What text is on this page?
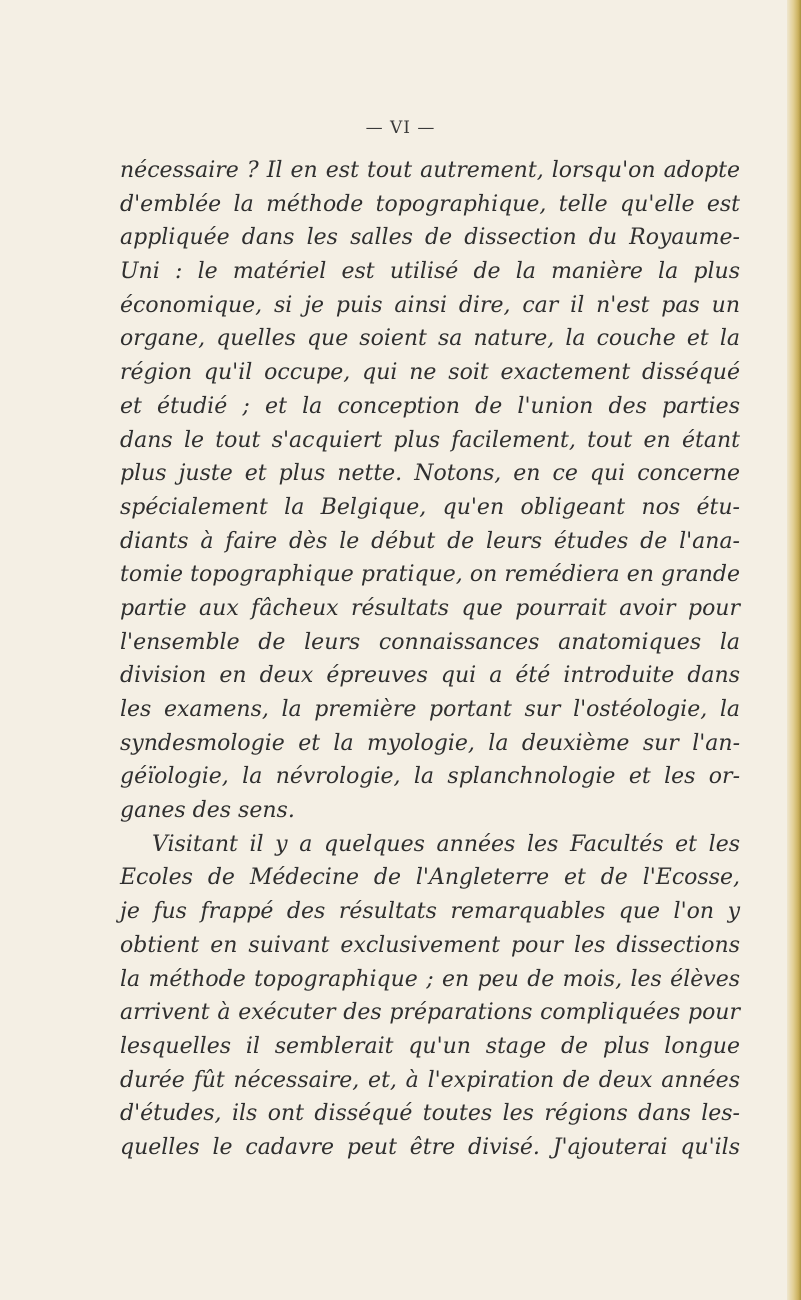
— VI —
nécessaire ? Il en est tout autrement, lorsqu'on adopte
d'emblée la méthode topographique, telle qu'elle est
appliquée dans les salles de dissection du Royaume-
Uni : le matériel est utilisé de la manière la plus
économique, si je puis ainsi dire, car il n'est pas un
organe, quelles que soient sa nature, la couche et la
région qu'il occupe, qui ne soit exactement disséqué
et étudié ; et la conception de l'union des parties
dans le tout s'acquiert plus facilement, tout en étant
plus juste et plus nette. Notons, en ce qui concerne
spécialement la Belgique, qu'en obligeant nos étu-
diants à faire dès le début de leurs études de l'ana-
tomie topographique pratique, on remédiera en grande
partie aux fâcheux résultats que pourrait avoir pour
l'ensemble de leurs connaissances anatomiques la
division en deux épreuves qui a été introduite dans
les examens, la première portant sur l'ostéologie, la
syndesmologie et la myologie, la deuxième sur l'an-
géïologie, la névrologie, la splanchnologie et les or-
ganes des sens.
Visitant il y a quelques années les Facultés et les
Ecoles de Médecine de l'Angleterre et de l'Ecosse,
je fus frappé des résultats remarquables que l'on y
obtient en suivant exclusivement pour les dissections
la méthode topographique ; en peu de mois, les élèves
arrivent à exécuter des préparations compliquées pour
lesquelles il semblerait qu'un stage de plus longue
durée fût nécessaire, et, à l'expiration de deux années
d'études, ils ont disséqué toutes les régions dans les-
quelles le cadavre peut être divisé. J'ajouterai qu'ils
